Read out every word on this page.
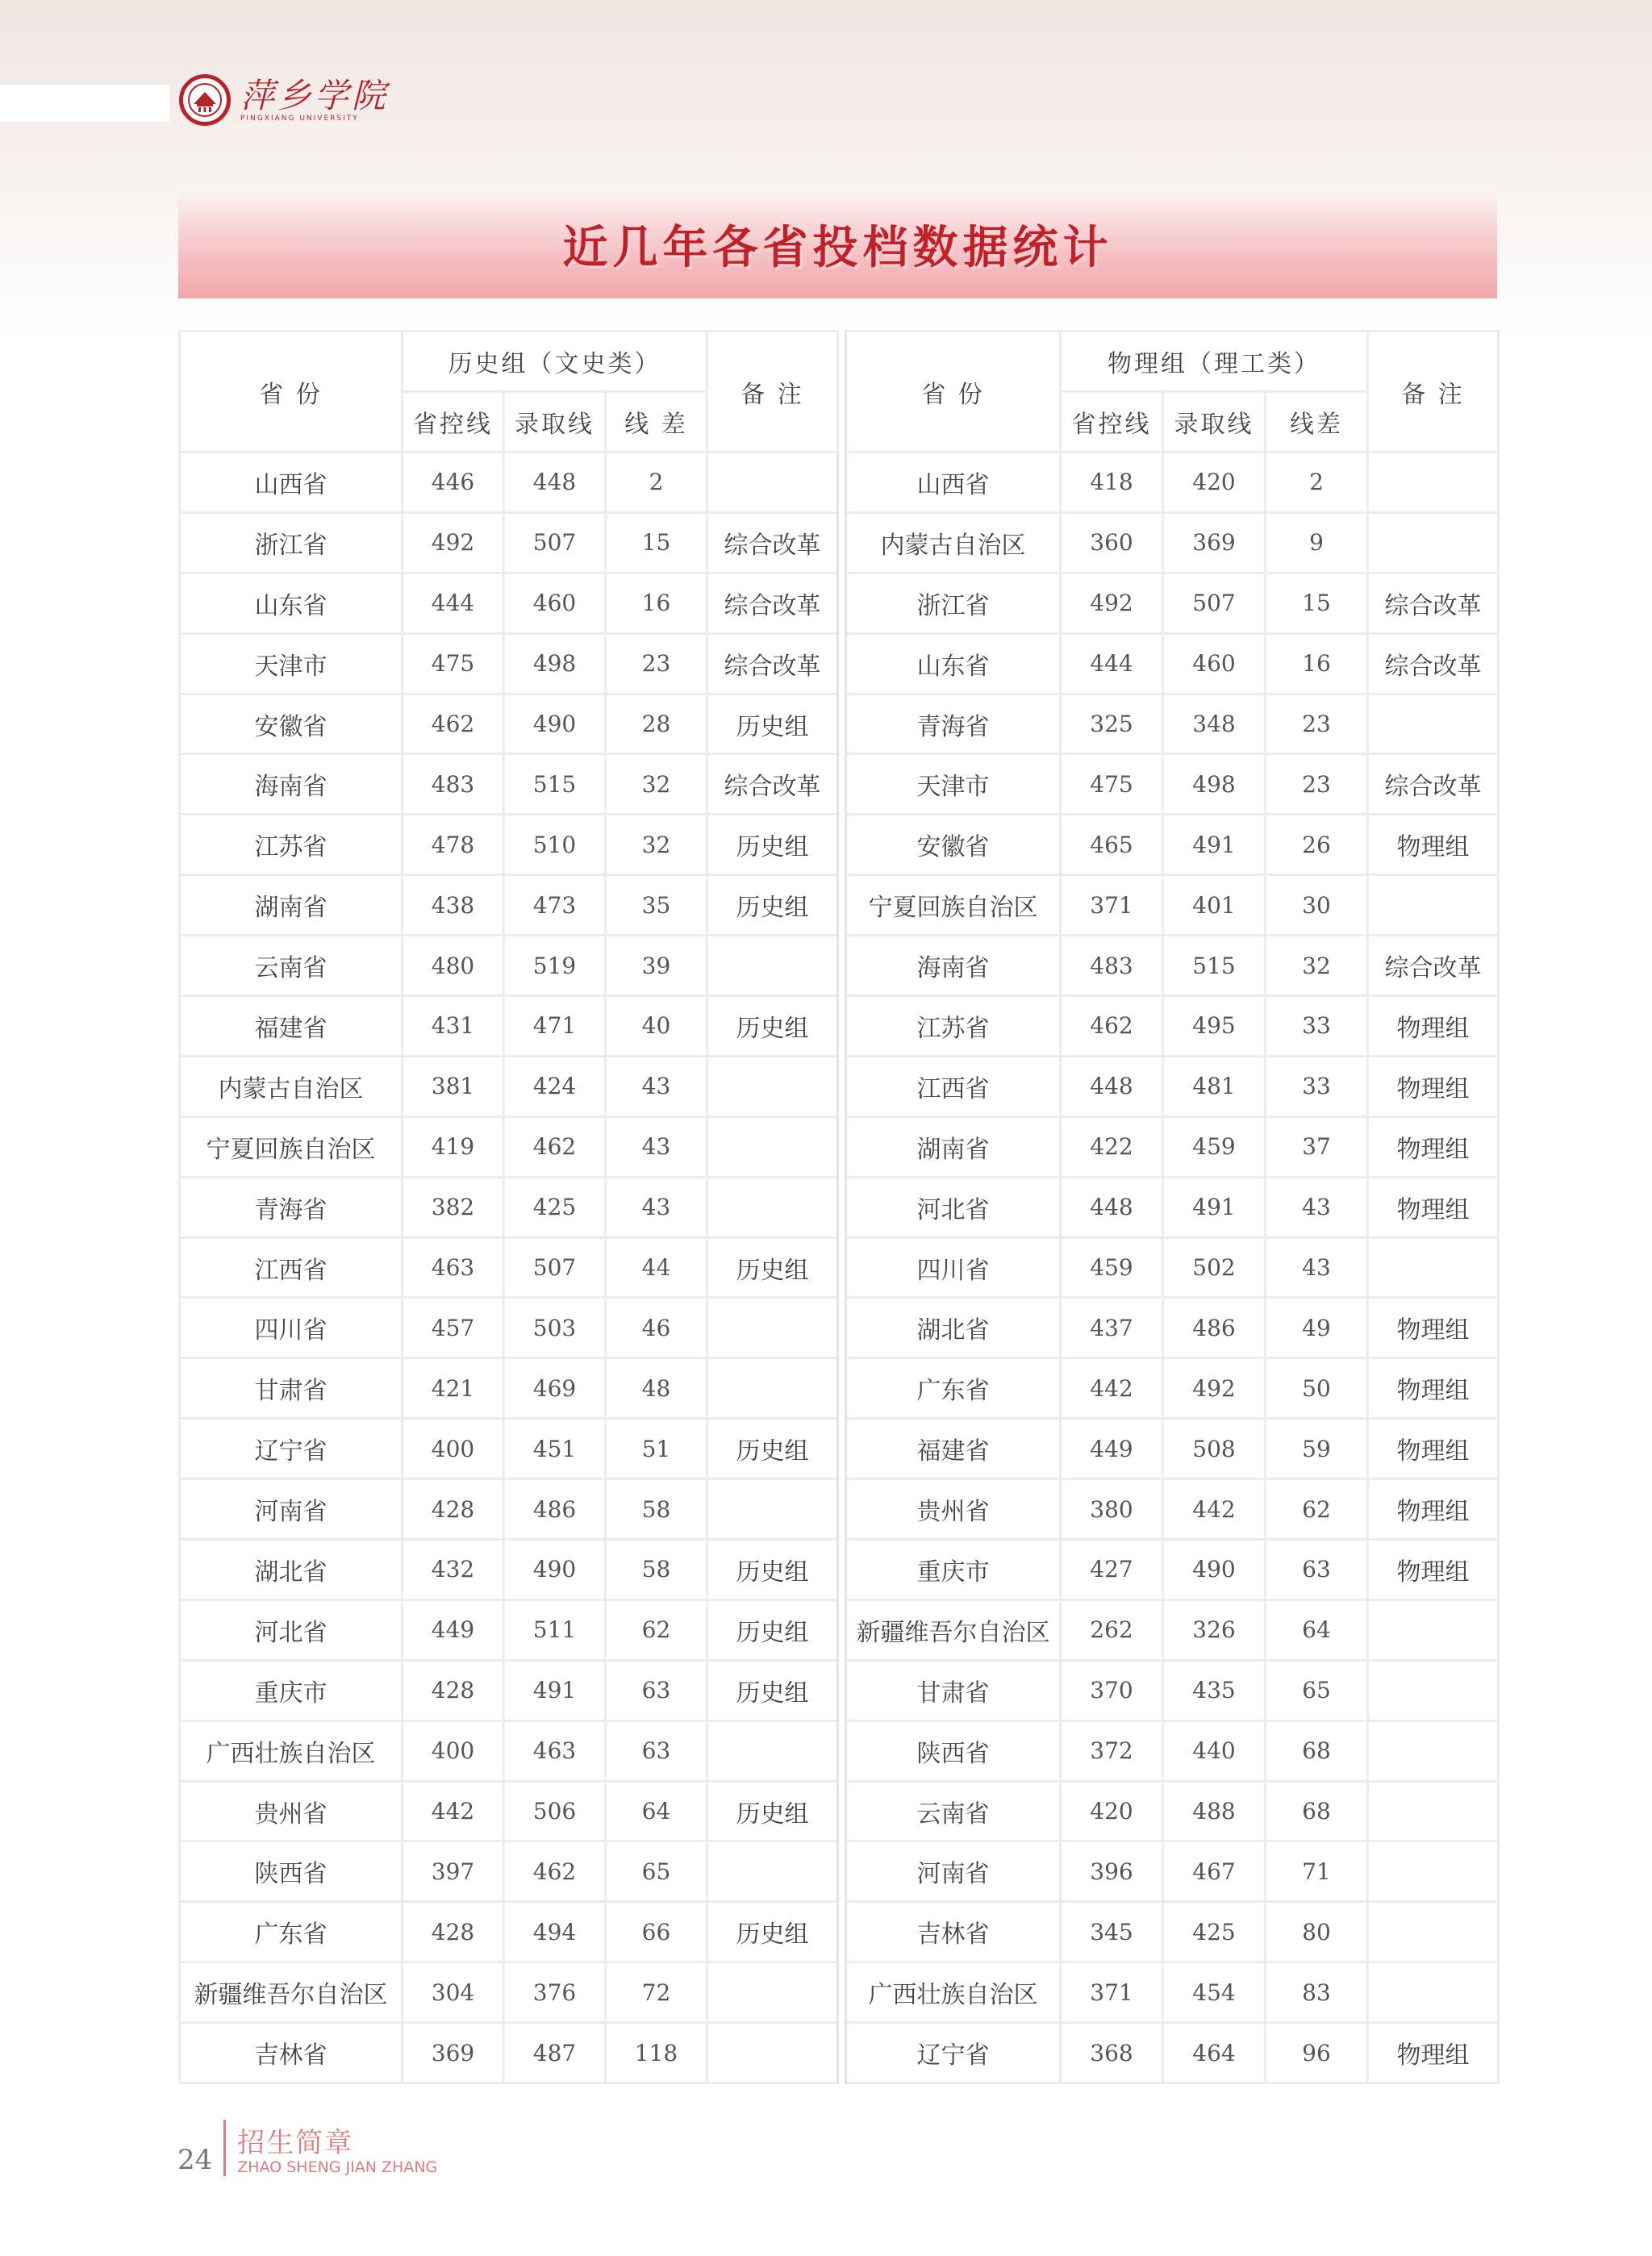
萍乡学院
PINGXIANG UNIVERSITY
近几年各省投档数据统计
省 份	历史组（文史类）			备 注		省 份	物理组（理工类）			备 注
	省控线	录取线	线 差				省控线	录取线	线差	
山西省	446	448	2			山西省	418	420	2	
浙江省	492	507	15	综合改革		内蒙古自治区	360	369	9	
山东省	444	460	16	综合改革		浙江省	492	507	15	综合改革
天津市	475	498	23	综合改革		山东省	444	460	16	综合改革
安徽省	462	490	28	历史组		青海省	325	348	23	
海南省	483	515	32	综合改革		天津市	475	498	23	综合改革
江苏省	478	510	32	历史组		安徽省	465	491	26	物理组
湖南省	438	473	35	历史组		宁夏回族自治区	371	401	30	
云南省	480	519	39			海南省	483	515	32	综合改革
福建省	431	471	40	历史组		江苏省	462	495	33	物理组
内蒙古自治区	381	424	43			江西省	448	481	33	物理组
宁夏回族自治区	419	462	43			湖南省	422	459	37	物理组
青海省	382	425	43			河北省	448	491	43	物理组
江西省	463	507	44	历史组		四川省	459	502	43	
四川省	457	503	46			湖北省	437	486	49	物理组
甘肃省	421	469	48			广东省	442	492	50	物理组
辽宁省	400	451	51	历史组		福建省	449	508	59	物理组
河南省	428	486	58			贵州省	380	442	62	物理组
湖北省	432	490	58	历史组		重庆市	427	490	63	物理组
河北省	449	511	62	历史组		新疆维吾尔自治区	262	326	64	
重庆市	428	491	63	历史组		甘肃省	370	435	65	
广西壮族自治区	400	463	63			陕西省	372	440	68	
贵州省	442	506	64	历史组		云南省	420	488	68	
陕西省	397	462	65			河南省	396	467	71	
广东省	428	494	66	历史组		吉林省	345	425	80	
新疆维吾尔自治区	304	376	72			广西壮族自治区	371	454	83	
吉林省	369	487	118			辽宁省	368	464	96	物理组
24
招生简章
ZHAO SHENG JIAN ZHANG
